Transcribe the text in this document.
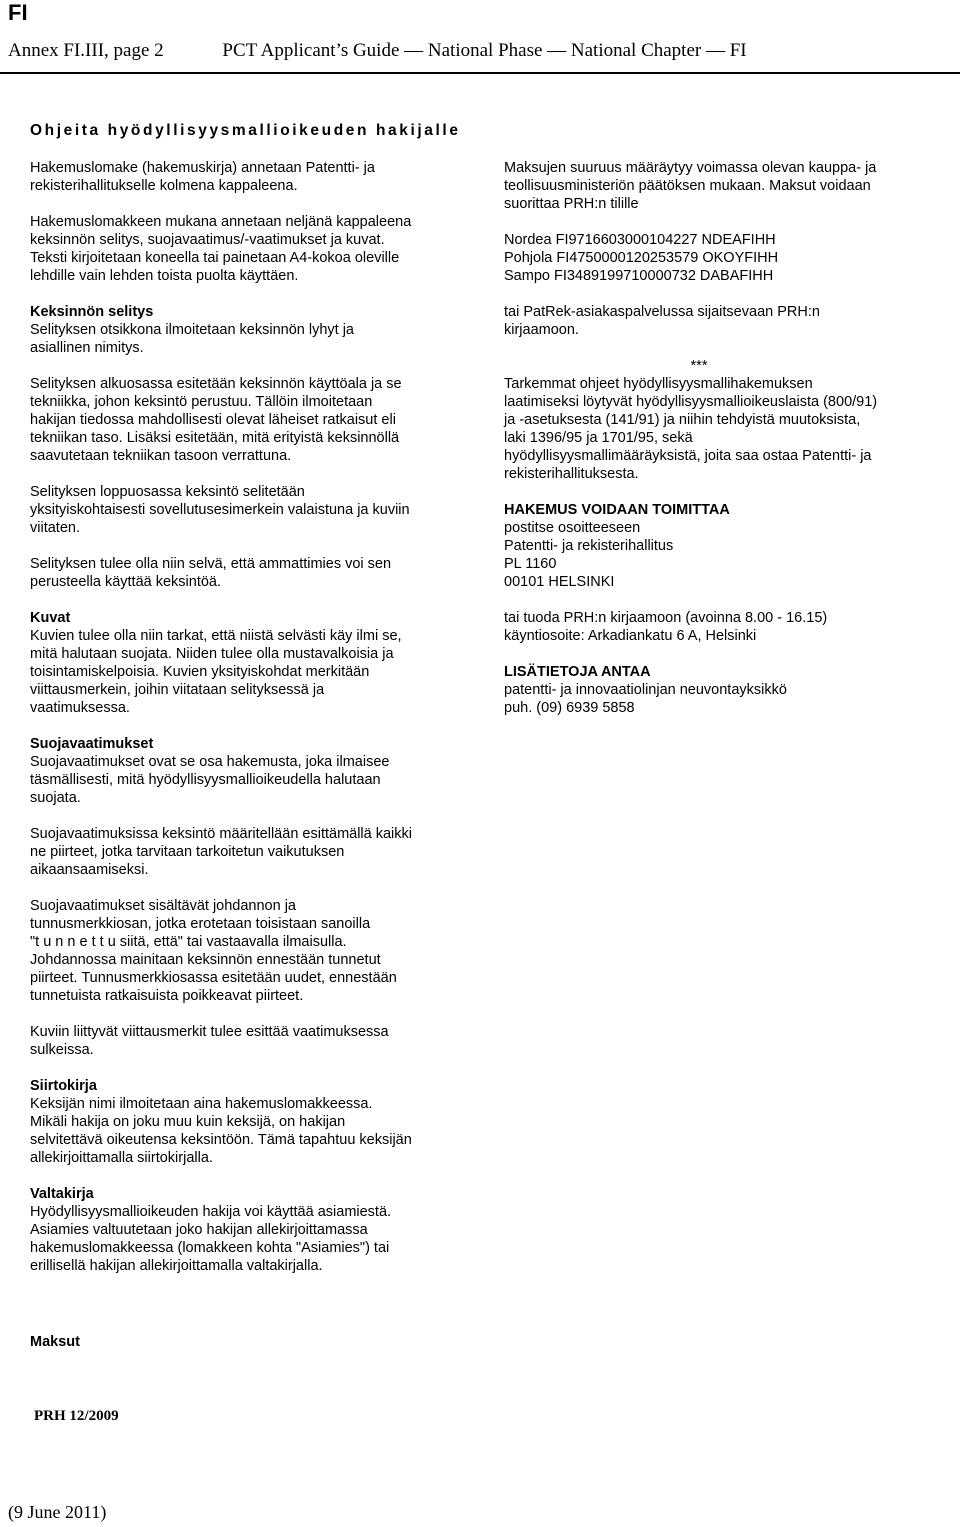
FI
Annex FI.III, page 2	PCT Applicant’s Guide — National Phase — National Chapter — FI
Ohjeita hyödyllisyysmallioikeuden hakijalle

Hakemuslomake (hakemuskirja) annetaan Patentti- ja
rekisterihallitukselle kolmena kappaleena.

Hakemuslomakkeen mukana annetaan neljänä kappaleena
keksinnön selitys, suojavaatimus/-vaatimukset ja kuvat.
Teksti kirjoitetaan koneella tai painetaan A4-kokoa oleville
lehdille vain lehden toista puolta käyttäen.

Keksinnön selitys

Selityksen otsikkona ilmoitetaan keksinnön lyhyt ja
asiallinen nimitys.

Selityksen alkuosassa esitetään keksinnön käyttöala ja se
tekniikka, johon keksintö perustuu. Tällöin ilmoitetaan
hakijan tiedossa mahdollisesti olevat läheiset ratkaisut eli
tekniikan taso. Lisäksi esitetään, mitä erityistä keksinnöllä
saavutetaan tekniikan tasoon verrattuna.

Selityksen loppuosassa keksintö selitetään
yksityiskohtaisesti sovellutusesimerkein valaistuna ja kuviin
viitaten.

Selityksen tulee olla niin selvä, että ammattimies voi sen
perusteella käyttää keksintöä.

Kuvat

Kuvien tulee olla niin tarkat, että niistä selvästi käy ilmi se,
mitä halutaan suojata. Niiden tulee olla mustavalkoisia ja
toisintamiskelpoisia. Kuvien yksityiskohdat merkitään
viittausmerkein, joihin viitataan selityksessä ja
vaatimuksessa.

Suojavaatimukset

Suojavaatimukset ovat se osa hakemusta, joka ilmaisee
täsmällisesti, mitä hyödyllisyysmallioikeudella halutaan
suojata.

Suojavaatimuksissa keksintö määritellään esittämällä kaikki
ne piirteet, jotka tarvitaan tarkoitetun vaikutuksen
aikaansaamiseksi.

Suojavaatimukset sisältävät johdannon ja
tunnusmerkkiosan, jotka erotetaan toisistaan sanoilla
"t u n n e t t u siitä, että" tai vastaavalla ilmaisulla.
Johdannossa mainitaan keksinnön ennestään tunnetut
piirteet. Tunnusmerkkiosassa esitetään uudet, ennestään
tunnetuista ratkaisuista poikkeavat piirteet.

Kuviin liittyvät viittausmerkit tulee esittää vaatimuksessa
sulkeissa.

Siirtokirja

Keksijän nimi ilmoitetaan aina hakemuslomakkeessa.
Mikäli hakija on joku muu kuin keksijä, on hakijan
selvitettävä oikeutensa keksintöön. Tämä tapahtuu keksijän
allekirjoittamalla siirtokirjalla.

Valtakirja

Hyödyllisyysmallioikeuden hakija voi käyttää asiamiestä.
Asiamies valtuutetaan joko hakijan allekirjoittamassa
hakemuslomakkeessa (lomakkeen kohta "Asiamies") tai
erillisellä hakijan allekirjoittamalla valtakirjalla.

Maksujen suuruus määräytyy voimassa olevan kauppa- ja
teollisuusministeriön päätöksen mukaan. Maksut voidaan
suorittaa PRH:n tilille

Nordea FI9716603000104227 NDEAFIHH
Pohjola FI4750000120253579 OKOYFIHH
Sampo FI3489199710000732 DABAFIHH

tai PatRek-asiakaspalvelussa sijaitsevaan PRH:n
kirjaamoon.

***

Tarkemmat ohjeet hyödyllisyysmallihakemuksen
laatimiseksi löytyvät hyödyllisyysmallioikeuslaista (800/91)
ja -asetuksesta (141/91) ja niihin tehdyistä muutoksista,
laki 1396/95 ja 1701/95, sekä
hyödyllisyysmallimääräyksistä, joita saa ostaa Patentti- ja
rekisterihallituksesta.

HAKEMUS VOIDAAN TOIMITTAA

postitse osoitteeseen
Patentti- ja rekisterihallitus
PL 1160
00101 HELSINKI

tai tuoda PRH:n kirjaamoon (avoinna 8.00 - 16.15)
käyntiosoite: Arkadiankatu 6 A, Helsinki

LISÄTIETOJA ANTAA

patentti- ja innovaatiolinjan neuvontayksikkö
puh. (09) 6939 5858

Maksut
PRH 12/2009
(9 June 2011)
